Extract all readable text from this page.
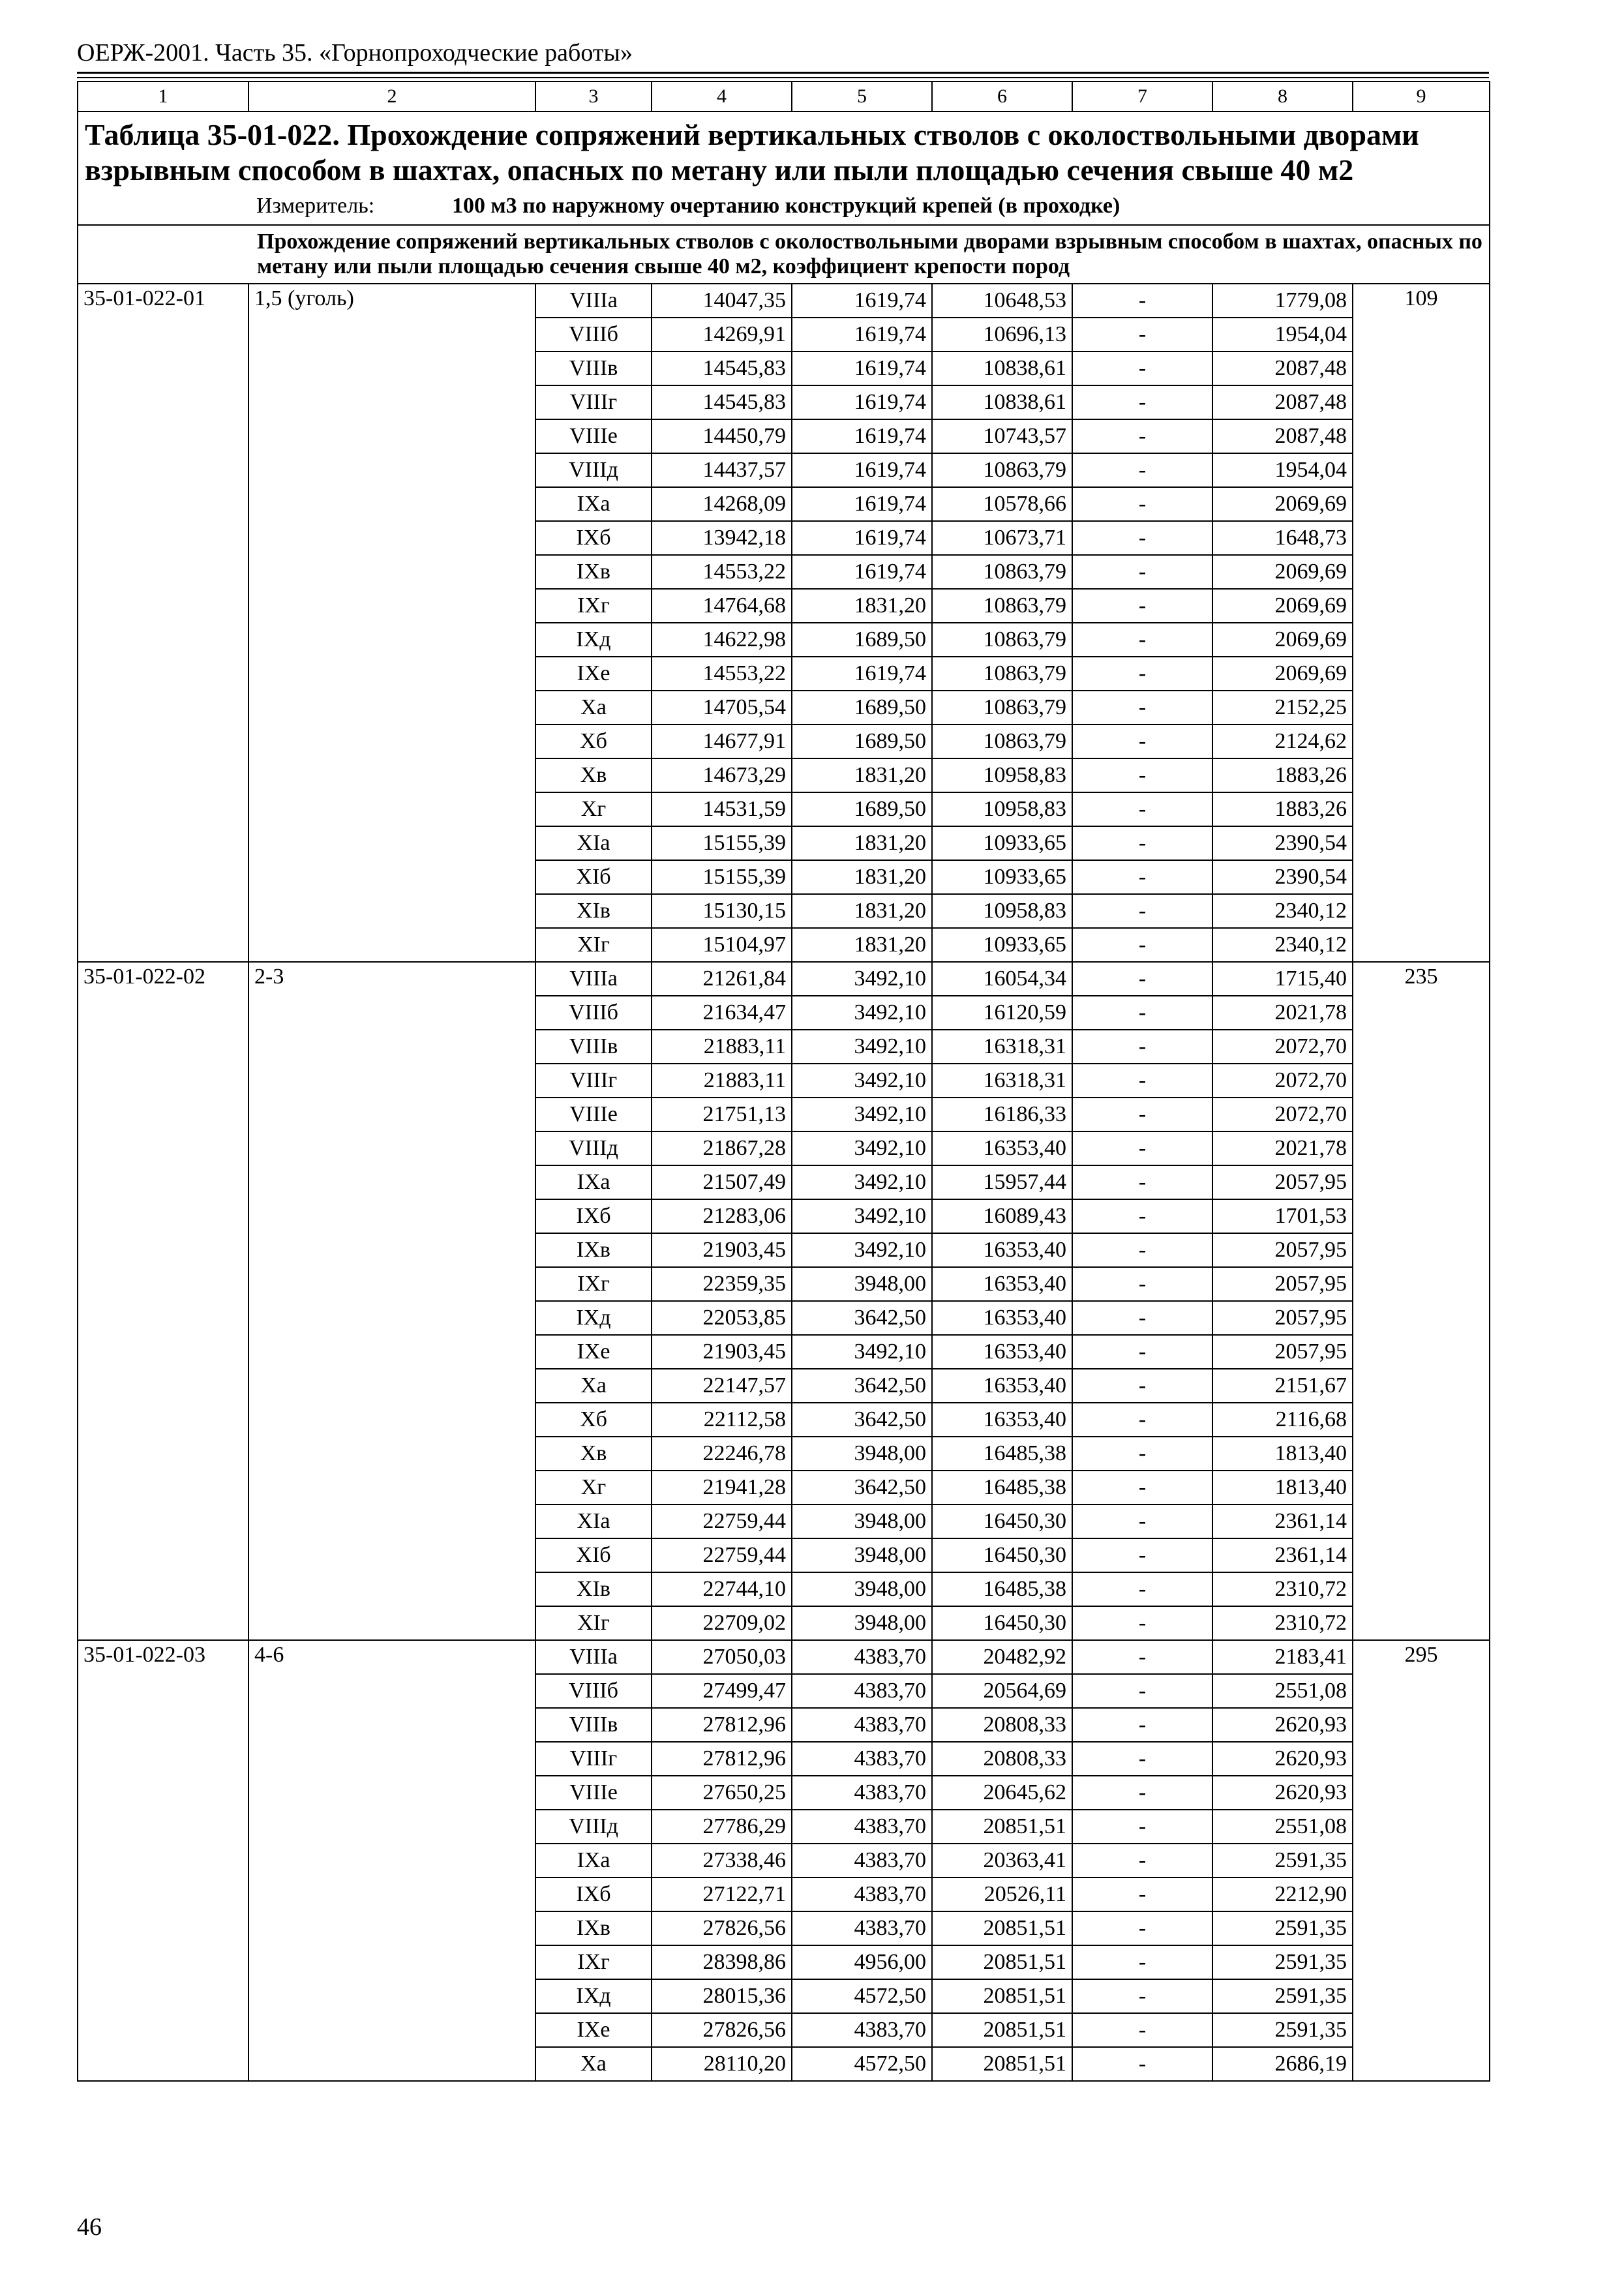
ОЕРЖ-2001. Часть 35. «Горнопроходческие работы»
1	2	3	4	5	6	7	8	9
Таблица 35-01-022. Прохождение сопряжений вертикальных стволов с околоствольными дворами взрывным способом в шахтах, опасных по метану или пыли площадью сечения свыше 40 м2								
Измеритель: 100 м3 по наружному очертанию конструкций крепей (в проходке)								
Прохождение сопряжений вертикальных стволов с околоствольными дворами взрывным способом в шахтах, опасных по метану или пыли площадью сечения свыше 40 м2, коэффициент крепости пород								
35-01-022-01	1,5 (уголь)	VIIIа	14047,35	1619,74	10648,53	-	1779,08	109
		VIIIб	14269,91	1619,74	10696,13	-	1954,04	
		VIIIв	14545,83	1619,74	10838,61	-	2087,48	
		VIIIг	14545,83	1619,74	10838,61	-	2087,48	
		VIIIе	14450,79	1619,74	10743,57	-	2087,48	
		VIIIд	14437,57	1619,74	10863,79	-	1954,04	
		IXа	14268,09	1619,74	10578,66	-	2069,69	
		IXб	13942,18	1619,74	10673,71	-	1648,73	
		IXв	14553,22	1619,74	10863,79	-	2069,69	
		IXг	14764,68	1831,20	10863,79	-	2069,69	
		IXд	14622,98	1689,50	10863,79	-	2069,69	
		IXе	14553,22	1619,74	10863,79	-	2069,69	
		Xа	14705,54	1689,50	10863,79	-	2152,25	
		Xб	14677,91	1689,50	10863,79	-	2124,62	
		Xв	14673,29	1831,20	10958,83	-	1883,26	
		Xг	14531,59	1689,50	10958,83	-	1883,26	
		XIа	15155,39	1831,20	10933,65	-	2390,54	
		XIб	15155,39	1831,20	10933,65	-	2390,54	
		XIв	15130,15	1831,20	10958,83	-	2340,12	
		XIг	15104,97	1831,20	10933,65	-	2340,12	
35-01-022-02	2-3	VIIIа	21261,84	3492,10	16054,34	-	1715,40	235
		VIIIб	21634,47	3492,10	16120,59	-	2021,78	
		VIIIв	21883,11	3492,10	16318,31	-	2072,70	
		VIIIг	21883,11	3492,10	16318,31	-	2072,70	
		VIIIе	21751,13	3492,10	16186,33	-	2072,70	
		VIIIд	21867,28	3492,10	16353,40	-	2021,78	
		IXа	21507,49	3492,10	15957,44	-	2057,95	
		IXб	21283,06	3492,10	16089,43	-	1701,53	
		IXв	21903,45	3492,10	16353,40	-	2057,95	
		IXг	22359,35	3948,00	16353,40	-	2057,95	
		IXд	22053,85	3642,50	16353,40	-	2057,95	
		IXе	21903,45	3492,10	16353,40	-	2057,95	
		Xа	22147,57	3642,50	16353,40	-	2151,67	
		Xб	22112,58	3642,50	16353,40	-	2116,68	
		Xв	22246,78	3948,00	16485,38	-	1813,40	
		Xг	21941,28	3642,50	16485,38	-	1813,40	
		XIа	22759,44	3948,00	16450,30	-	2361,14	
		XIб	22759,44	3948,00	16450,30	-	2361,14	
		XIв	22744,10	3948,00	16485,38	-	2310,72	
		XIг	22709,02	3948,00	16450,30	-	2310,72	
35-01-022-03	4-6	VIIIа	27050,03	4383,70	20482,92	-	2183,41	295
		VIIIб	27499,47	4383,70	20564,69	-	2551,08	
		VIIIв	27812,96	4383,70	20808,33	-	2620,93	
		VIIIг	27812,96	4383,70	20808,33	-	2620,93	
		VIIIе	27650,25	4383,70	20645,62	-	2620,93	
		VIIIд	27786,29	4383,70	20851,51	-	2551,08	
		IXа	27338,46	4383,70	20363,41	-	2591,35	
		IXб	27122,71	4383,70	20526,11	-	2212,90	
		IXв	27826,56	4383,70	20851,51	-	2591,35	
		IXг	28398,86	4956,00	20851,51	-	2591,35	
		IXд	28015,36	4572,50	20851,51	-	2591,35	
		IXе	27826,56	4383,70	20851,51	-	2591,35	
		Xа	28110,20	4572,50	20851,51	-	2686,19	
46
